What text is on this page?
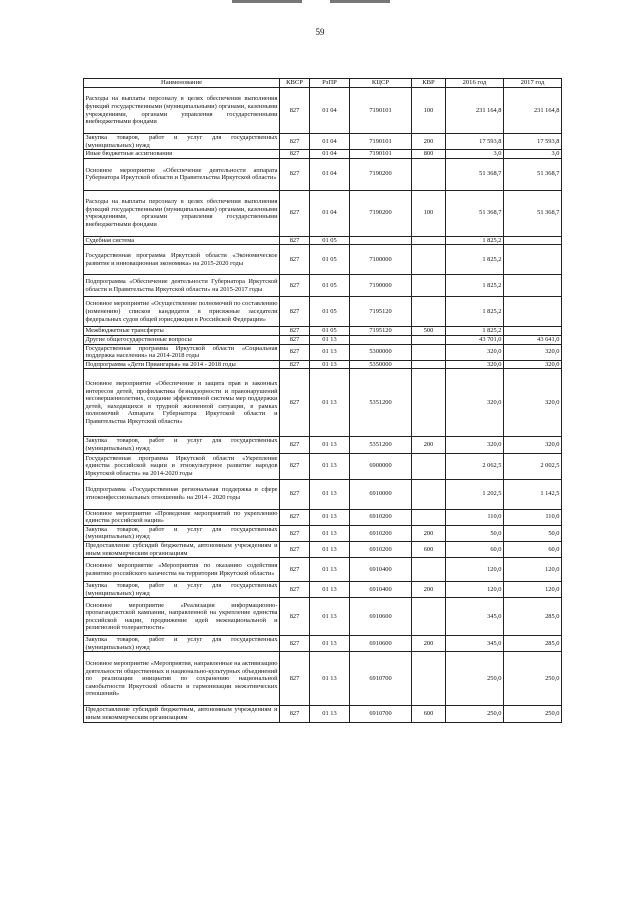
59
Наименование	КВСР	РзПР	КЦСР	КВР	2016 год	2017 год
Расходы на выплаты персоналу в целях обеспечения выполнения функций государственными (муниципальными) органами, казенными учреждениями, органами управления государственными внебюджетными фондами	827	01 04	7190101	100	231 164,8	231 164,8
Закупка товаров, работ и услуг для государственных (муниципальных) нужд	827	01 04	7190101	200	17 593,8	17 593,8
Иные бюджетные ассигнования	827	01 04	7190101	800	3,0	3,0
Основное мероприятие «Обеспечение деятельности аппарата Губернатора Иркутской области и Правительства Иркутской области»	827	01 04	7190200		51 368,7	51 368,7
Расходы на выплаты персоналу в целях обеспечения выполнения функций государственными (муниципальными) органами, казенными учреждениями, органами управления государственными внебюджетными фондами	827	01 04	7190200	100	51 368,7	51 368,7
Судебная система	827	01 05			1 825,2	
Государственная программа Иркутской области «Экономическое развитие и инновационная экономика» на 2015-2020 годы	827	01 05	7100000		1 825,2	
Подпрограмма «Обеспечение деятельности Губернатора Иркутской области и Правительства Иркутской области» на 2015-2017 годы	827	01 05	7190000		1 825,2	
Основное мероприятие «Осуществление полномочий по составлению (изменению) списков кандидатов в присяжные заседатели федеральных судов общей юрисдикции в Российской Федерации»	827	01 05	7195120		1 825,2	
Межбюджетные трансферты	827	01 05	7195120	500	1 825,2	
Другие общегосударственные вопросы	827	01 13			43 701,0	43 641,0
Государственная программа Иркутской области «Социальная поддержка населения» на 2014-2018 годы	827	01 13	5300000		320,0	320,0
Подпрограмма «Дети Приангарья» на 2014 - 2018 годы	827	01 13	5350000		320,0	320,0
Основное мероприятие «Обеспечение и защита прав и законных интересов детей, профилактика безнадзорности и правонарушений несовершеннолетних, создание эффективной системы мер поддержки детей, находящихся в трудной жизненной ситуации, в рамках полномочий Аппарата Губернатора Иркутской области и Правительства Иркутской области»	827	01 13	5351200		320,0	320,0
Закупка товаров, работ и услуг для государственных (муниципальных) нужд	827	01 13	5351200	200	320,0	320,0
Государственная программа Иркутской области «Укрепление единства российской нации и этнокультурное развитие народов Иркутской области» на 2014-2020 годы	827	01 13	6900000		2 062,5	2 002,5
Подпрограмма «Государственная региональная поддержка в сфере этноконфессиональных отношений» на 2014 - 2020 годы	827	01 13	6910000		1 202,5	1 142,5
Основное мероприятие «Проведение мероприятий по укреплению единства российской нации»	827	01 13	6910200		110,0	110,0
Закупка товаров, работ и услуг для государственных (муниципальных) нужд	827	01 13	6910200	200	50,0	50,0
Предоставление субсидий бюджетным, автономным учреждениям и иным некоммерческим организациям	827	01 13	6910200	600	60,0	60,0
Основное мероприятие «Мероприятия по оказанию содействия развитию российского казачества на территории Иркутской области»	827	01 13	6910400		120,0	120,0
Закупка товаров, работ и услуг для государственных (муниципальных) нужд	827	01 13	6910400	200	120,0	120,0
Основное мероприятие «Реализация информационно-пропагандистской кампании, направленной на укрепление единства российской нации, продвижение идей межнациональной и религиозной толерантности»	827	01 13	6910600		345,0	285,0
Закупка товаров, работ и услуг для государственных (муниципальных) нужд	827	01 13	6910600	200	345,0	285,0
Основное мероприятие «Мероприятия, направленные на активизацию деятельности общественных и национально-культурных объединений по реализации инициатив по сохранению национальной самобытности Иркутской области и гармонизации межэтнических отношений»	827	01 13	6910700		250,0	250,0
Предоставление субсидий бюджетным, автономным учреждениям и иным некоммерческим организациям	827	01 13	6910700	600	250,0	250,0
